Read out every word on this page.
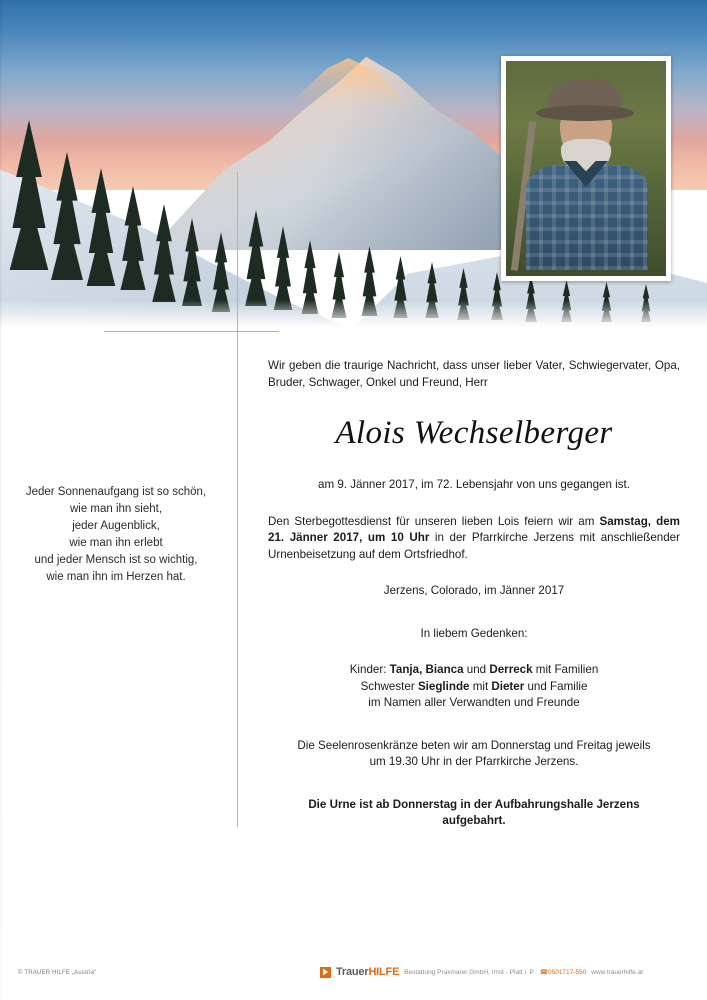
Jeder Sonnenaufgang ist so schön,
wie man ihn sieht,
jeder Augenblick,
wie man ihn erlebt
und jeder Mensch ist so wichtig,
wie man ihn im Herzen hat.

Wir geben die traurige Nachricht, dass unser lieber Vater, Schwiegervater, Opa, Bruder, Schwager, Onkel und Freund, Herr

Alois Wechselberger

am 9. Jänner 2017, im 72. Lebensjahr von uns gegangen ist.

Den Sterbegottesdienst für unseren lieben Lois feiern wir am Samstag, dem 21. Jänner 2017, um 10 Uhr in der Pfarrkirche Jerzens mit anschließender Urnenbeisetzung auf dem Ortsfriedhof.

Jerzens, Colorado, im Jänner 2017

In liebem Gedenken:

Kinder: Tanja, Bianca und Derreck mit Familien

Schwester Sieglinde mit Dieter und Familie

im Namen aller Verwandten und Freunde

Die Seelenrosenkränze beten wir am Donnerstag und Freitag jeweils

um 19.30 Uhr in der Pfarrkirche Jerzens.

Die Urne ist ab Donnerstag in der Aufbahrungshalle Jerzens

aufgebahrt.

© TRAUER HILFE „Austria"	TrauerHILFE Bestattung Praxmarer GmbH, Imst - Platt i. P. ☎0501717-550 www.trauerhilfe.at
